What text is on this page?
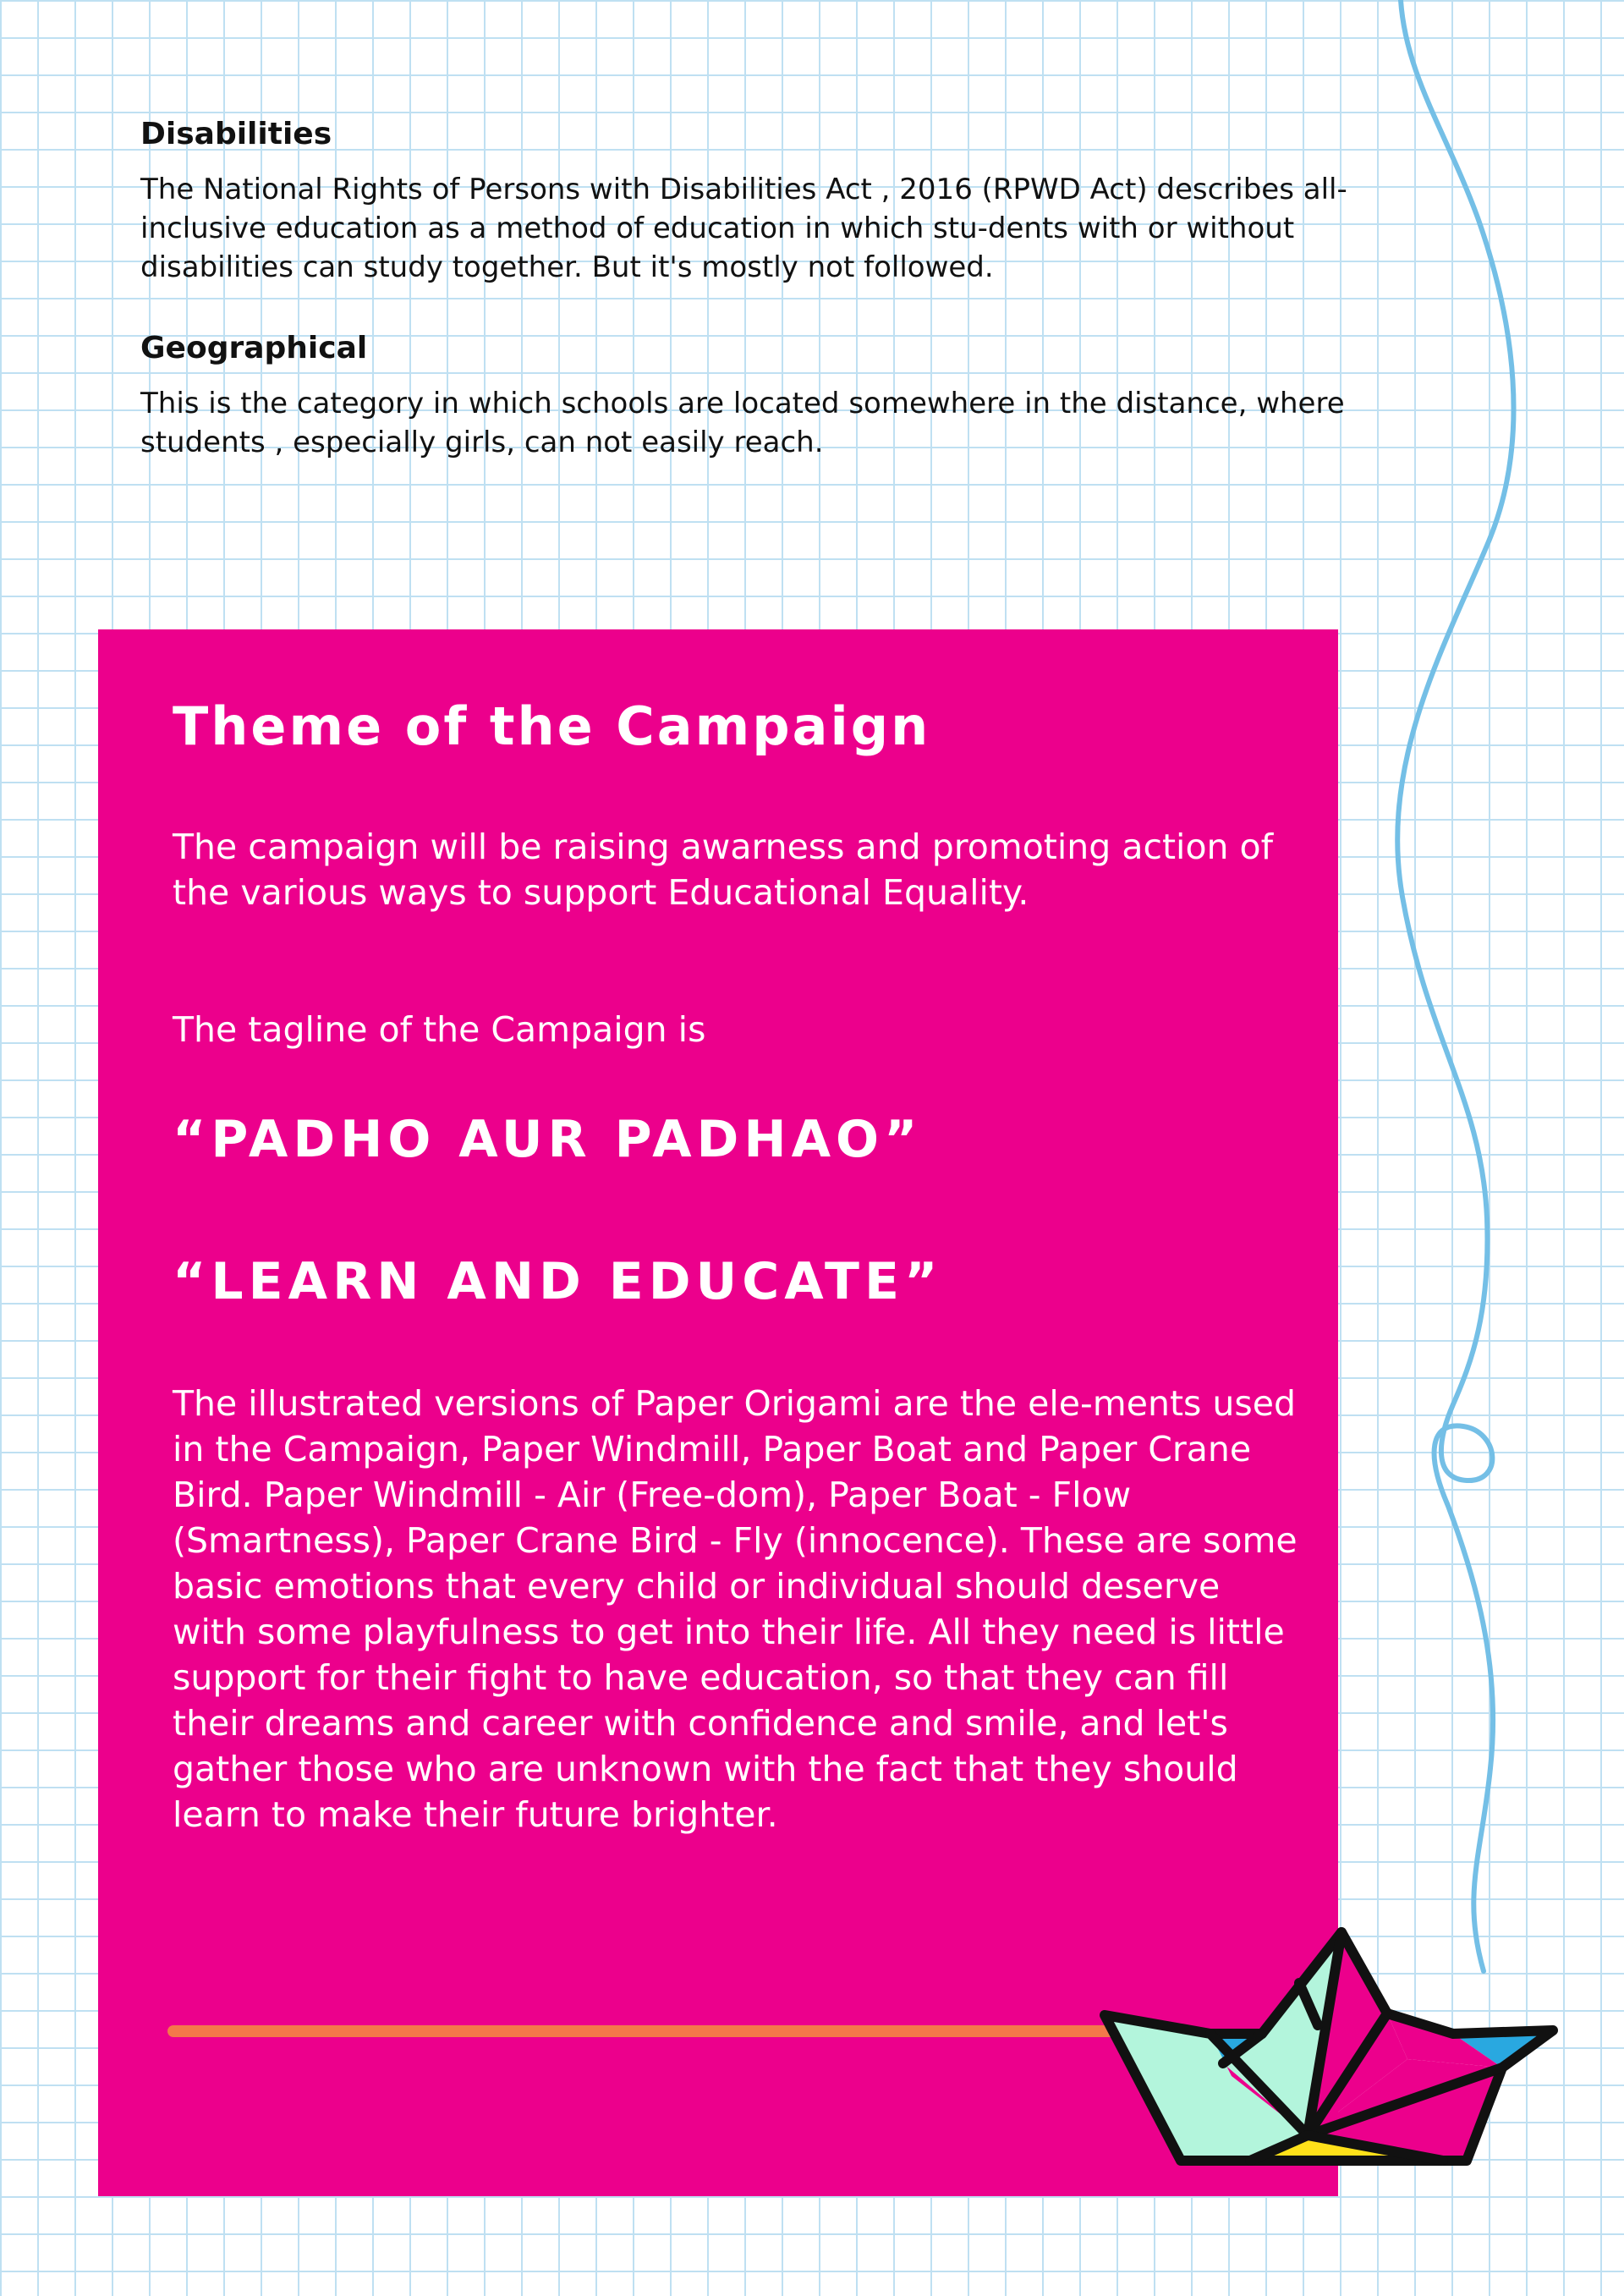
Disabilities

The National Rights of Persons with Disabilities Act , 2016 (RPWD Act) describes all-inclusive education as a method of education in which stu-dents with or without disabilities can study together. But it's mostly not followed.

Geographical

This is the category in which schools are located somewhere in the distance, where students , especially girls, can not easily reach.

Theme of the Campaign

The campaign will be raising awarness and promoting action of the various ways to support Educational Equality.

The tagline of the Campaign is

“PADHO AUR PADHAO”

“LEARN AND EDUCATE”

The illustrated versions of Paper Origami are the ele-ments used in the Campaign, Paper Windmill, Paper Boat and Paper Crane Bird. Paper Windmill - Air (Free-dom), Paper Boat - Flow (Smartness), Paper Crane Bird - Fly (innocence). These are some basic emotions that every child or individual should deserve with some playfulness to get into their life. All they need is little support for their fight to have education, so that they can fill their dreams and career with confidence and smile, and let's gather those who are unknown with the fact that they should learn to make their future brighter.
